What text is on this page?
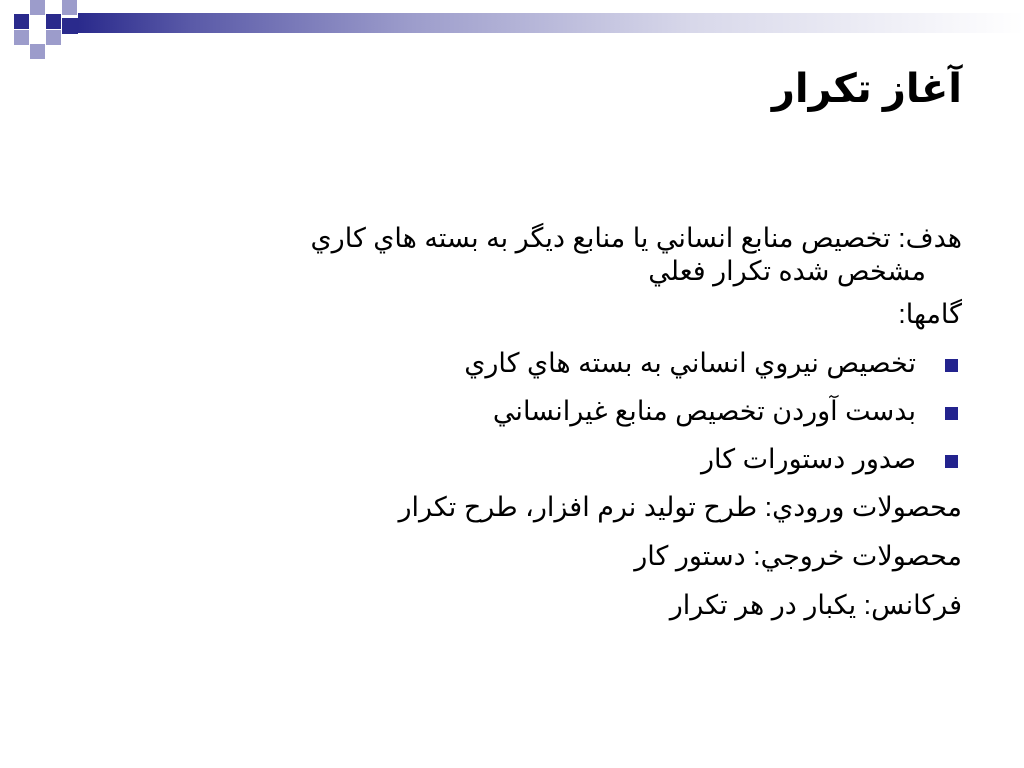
آغاز تكرار
هدف: تخصيص منابع انساني يا منابع ديگر به بسته هاي كاري
مشخص شده تكرار فعلي
گامها:
تخصيص نيروي انساني به بسته هاي كاري
بدست آوردن تخصيص منابع غيرانساني
صدور دستورات كار
محصولات ورودي: طرح توليد نرم افزار، طرح تكرار
محصولات خروجي: دستور كار
فركانس: يكبار در هر تكرار
